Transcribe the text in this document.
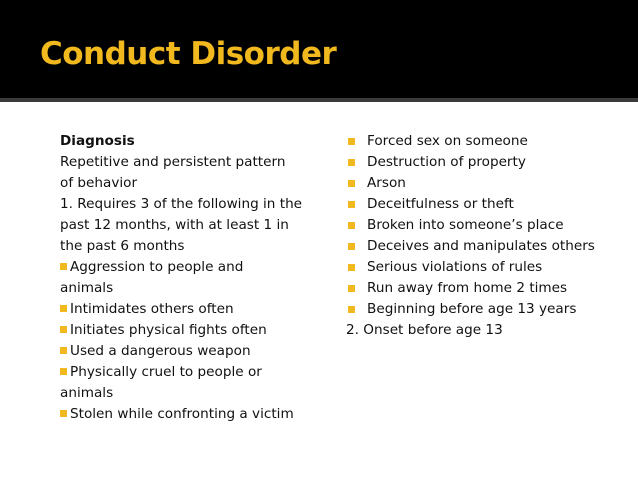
Conduct Disorder
Diagnosis
Repetitive and persistent pattern
of behavior
1. Requires 3 of the following in the
past 12 months, with at least 1 in
the past 6 months
Aggression to people and
animals
Intimidates others often
Initiates physical fights often
Used a dangerous weapon
Physically cruel to people or
animals
Stolen while confronting a victim
Forced sex on someone
Destruction of property
Arson
Deceitfulness or theft
Broken into someone’s place
Deceives and manipulates others
Serious violations of rules
Run away from home 2 times
Beginning before age 13 years
2. Onset before age 13
